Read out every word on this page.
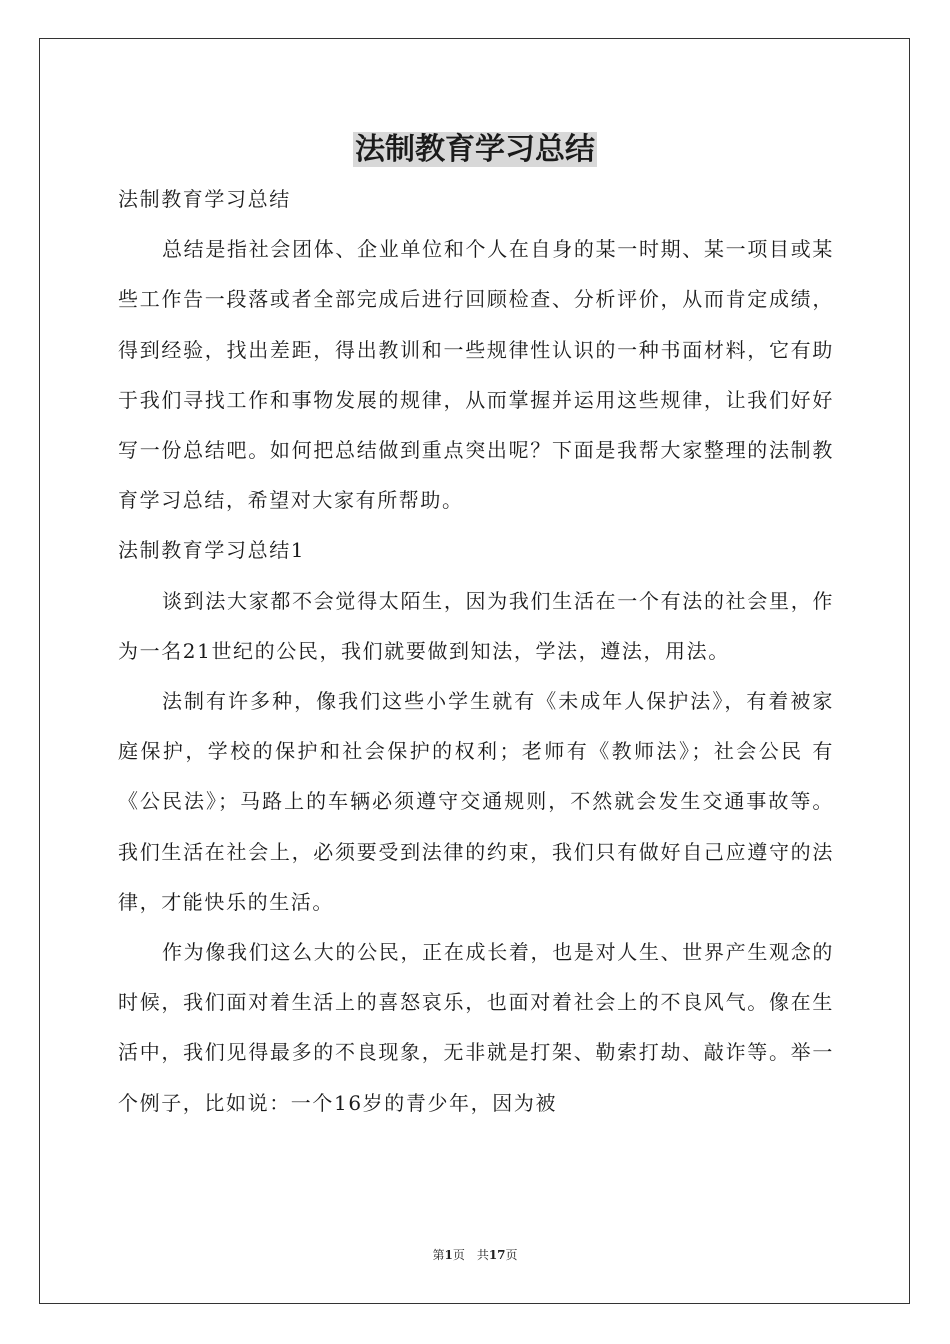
法制教育学习总结

法制教育学习总结

总结是指社会团体、企业单位和个人在自身的某一时期、某一项目或某些工作告一段落或者全部完成后进行回顾检查、分析评价，从而肯定成绩，得到经验，找出差距，得出教训和一些规律性认识的一种书面材料，它有助于我们寻找工作和事物发展的规律，从而掌握并运用这些规律，让我们好好写一份总结吧。如何把总结做到重点突出呢？下面是我帮大家整理的法制教育学习总结，希望对大家有所帮助。

法制教育学习总结1

谈到法大家都不会觉得太陌生，因为我们生活在一个有法的社会里，作为一名21世纪的公民，我们就要做到知法，学法，遵法，用法。

法制有许多种，像我们这些小学生就有《未成年人保护法》，有着被家庭保护，学校的保护和社会保护的权利；老师有《教师法》；社会公民 有《公民法》；马路上的车辆必须遵守交通规则，不然就会发生交通事故等。我们生活在社会上，必须要受到法律的约束，我们只有做好自己应遵守的法律，才能快乐的生活。

作为像我们这么大的公民，正在成长着，也是对人生、世界产生观念的时候，我们面对着生活上的喜怒哀乐，也面对着社会上的不良风气。像在生活中，我们见得最多的不良现象，无非就是打架、勒索打劫、敲诈等。举一个例子，比如说：一个16岁的青少年，因为被

第1页　共17页
